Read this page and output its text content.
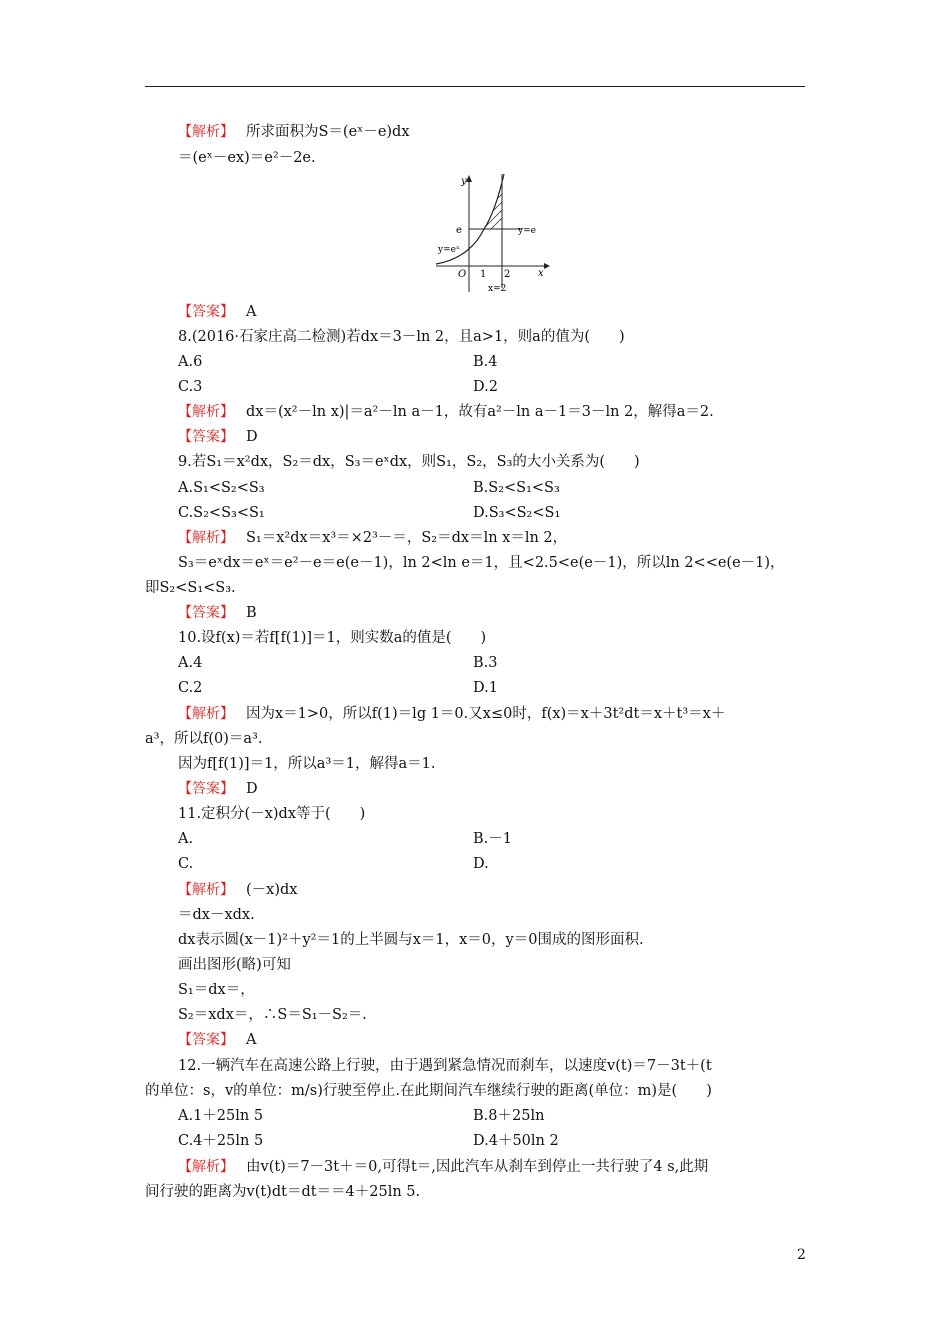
【解析】 所求面积为S＝(eˣ－e)dx
＝(eˣ－ex)＝e²－2e.
y
x
O 1 2
e	y=e
y=eˣ
x=2
【答案】 A
8.(2016·石家庄高二检测)若dx＝3－ln 2，且a>1，则a的值为(　　)
A.6	B.4
C.3	D.2
【解析】 dx＝(x²－ln x)|＝a²－ln a－1，故有a²－ln a－1＝3－ln 2，解得a＝2.
【答案】 D
9.若S₁＝x²dx，S₂＝dx，S₃＝eˣdx，则S₁，S₂，S₃的大小关系为(　　)
A.S₁<S₂<S₃	B.S₂<S₁<S₃
C.S₂<S₃<S₁	D.S₃<S₂<S₁
【解析】 S₁＝x²dx＝x³＝×2³－＝，S₂＝dx＝ln x＝ln 2，
S₃＝eˣdx＝eˣ＝e²－e＝e(e－1)，ln 2<ln e＝1，且<2.5<e(e－1)，所以ln 2<<e(e－1)，
即S₂<S₁<S₃.
【答案】 B
10.设f(x)＝若f[f(1)]＝1，则实数a的值是(　　)
A.4	B.3
C.2	D.1
【解析】 因为x＝1>0，所以f(1)＝lg 1＝0.又x≤0时，f(x)＝x＋3t²dt＝x＋t³＝x＋
a³，所以f(0)＝a³.
因为f[f(1)]＝1，所以a³＝1，解得a＝1.
【答案】 D
11.定积分(－x)dx等于(　　)
A.	B.－1
C.	D.
【解析】 (－x)dx
＝dx－xdx.
dx表示圆(x－1)²＋y²＝1的上半圆与x＝1，x＝0，y＝0围成的图形面积.
画出图形(略)可知
S₁＝dx＝，
S₂＝xdx＝，∴S＝S₁－S₂＝.
【答案】 A
12.一辆汽车在高速公路上行驶，由于遇到紧急情况而刹车，以速度v(t)＝7－3t＋(t
的单位：s，v的单位：m/s)行驶至停止.在此期间汽车继续行驶的距离(单位：m)是(　　)
A.1＋25ln 5	B.8＋25ln
C.4＋25ln 5	D.4＋50ln 2
【解析】 由v(t)＝7－3t＋＝0,可得t＝,因此汽车从刹车到停止一共行驶了4 s,此期
间行驶的距离为v(t)dt＝dt＝＝4＋25ln 5.
2
